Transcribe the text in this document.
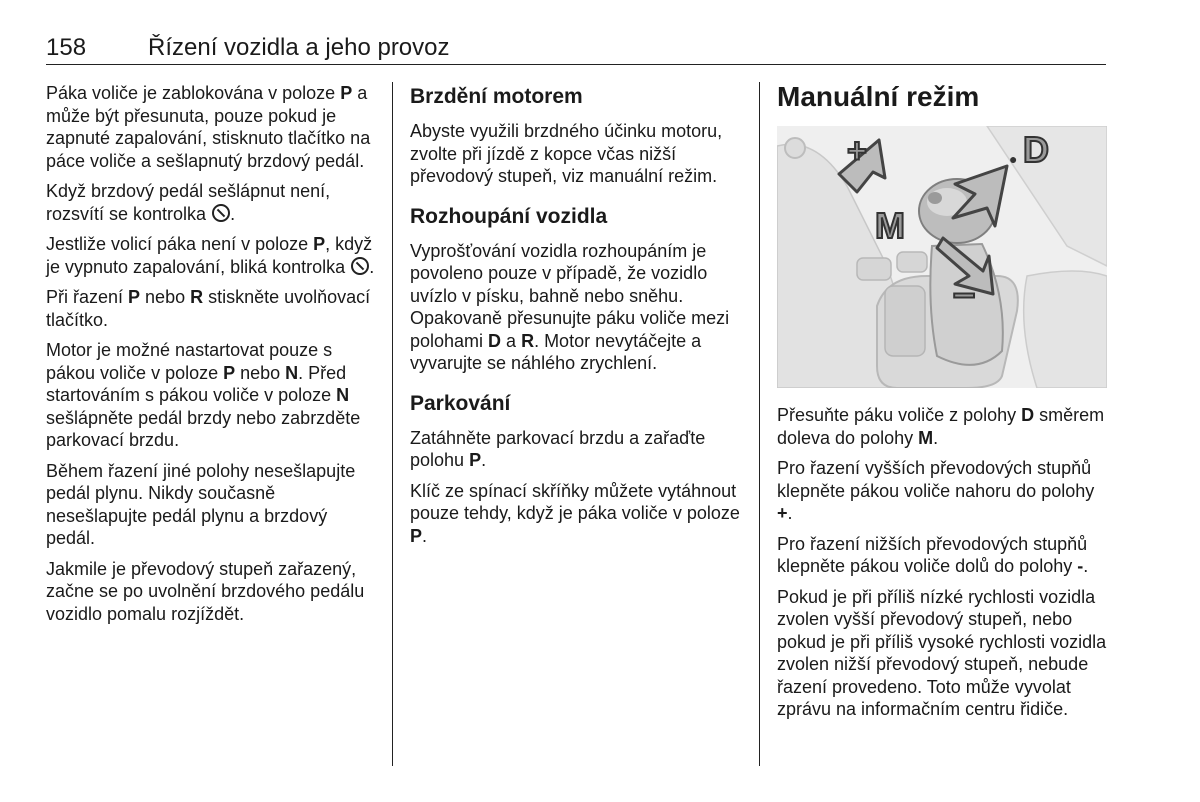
158	Řízení vozidla a jeho provoz

Páka voliče je zablokována v poloze P a může být přesunuta, pouze pokud je zapnuté zapalování, stisknuto tlačítko na páce voliče a sešlapnutý brzdový pedál.

Když brzdový pedál sešlápnut není, rozsvítí se kontrolka .

Jestliže volicí páka není v poloze P, když je vypnuto zapalování, bliká kontrolka .

Při řazení P nebo R stiskněte uvolňovací tlačítko.

Motor je možné nastartovat pouze s pákou voliče v poloze P nebo N. Před startováním s pákou voliče v poloze N sešlápněte pedál brzdy nebo zabrzděte parkovací brzdu.

Během řazení jiné polohy nesešlapujte pedál plynu. Nikdy současně nesešlapujte pedál plynu a brzdový pedál.

Jakmile je převodový stupeň zařazený, začne se po uvolnění brzdového pedálu vozidlo pomalu rozjíždět.

Brzdění motorem

Abyste využili brzdného účinku motoru, zvolte při jízdě z kopce včas nižší převodový stupeň, viz manuální režim.

Rozhoupání vozidla

Vyprošťování vozidla rozhoupáním je povoleno pouze v případě, že vozidlo uvízlo v písku, bahně nebo sněhu. Opakovaně přesunujte páku voliče mezi polohami D a R. Motor nevytáčejte a vyvarujte se náhlého zrychlení.

Parkování

Zatáhněte parkovací brzdu a zařaďte polohu P.

Klíč ze spínací skříňky můžete vytáhnout pouze tehdy, když je páka voliče v poloze P.

Manuální režim
+	● D
M
–

Přesuňte páku voliče z polohy D směrem doleva do polohy M.

Pro řazení vyšších převodových stupňů klepněte pákou voliče nahoru do polohy +.

Pro řazení nižších převodových stupňů klepněte pákou voliče dolů do polohy -.

Pokud je při příliš nízké rychlosti vozidla zvolen vyšší převodový stupeň, nebo pokud je při příliš vysoké rychlosti vozidla zvolen nižší převodový stupeň, nebude řazení provedeno. Toto může vyvolat zprávu na informačním centru řidiče.
